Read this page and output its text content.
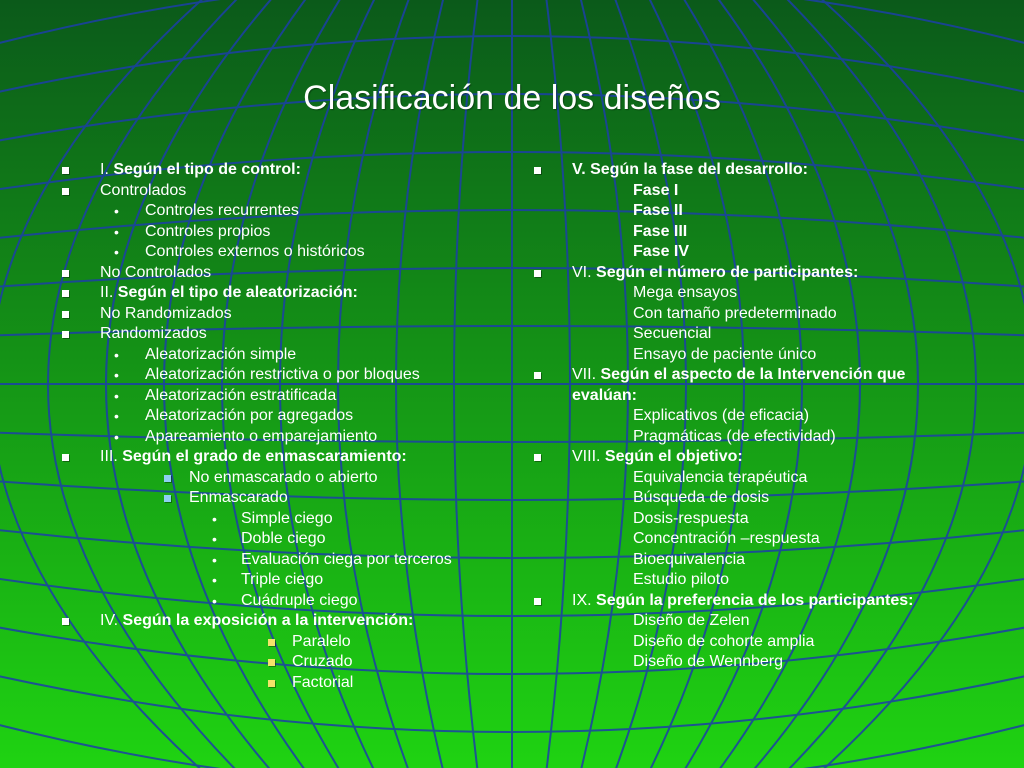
Clasificación de los diseños
I. Según el tipo de control:
Controlados
• Controles recurrentes
• Controles propios
• Controles externos o históricos
No Controlados
II. Según el tipo de aleatorización:
No Randomizados
Randomizados
• Aleatorización simple
• Aleatorización restrictiva o por bloques
• Aleatorización estratificada
• Aleatorización por agregados
• Apareamiento o emparejamiento
III. Según el grado de enmascaramiento:
No enmascarado o abierto
Enmascarado
• Simple ciego
• Doble ciego
• Evaluación ciega por terceros
• Triple ciego
• Cuádruple ciego
IV. Según la exposición a la intervención:
Paralelo
Cruzado
Factorial
V. Según la fase del desarrollo:
Fase I
Fase II
Fase III
Fase IV
VI. Según el número de participantes:
Mega ensayos
Con tamaño predeterminado
Secuencial
Ensayo de paciente único
VII. Según el aspecto de la Intervención que evalúan:
Explicativos (de eficacia)
Pragmáticas (de efectividad)
VIII. Según el objetivo:
Equivalencia terapéutica
Búsqueda de dosis
Dosis-respuesta
Concentración –respuesta
Bioequivalencia
Estudio piloto
IX. Según la preferencia de los participantes:
Diseño de Zelen
Diseño de cohorte amplia
Diseño de Wennberg
